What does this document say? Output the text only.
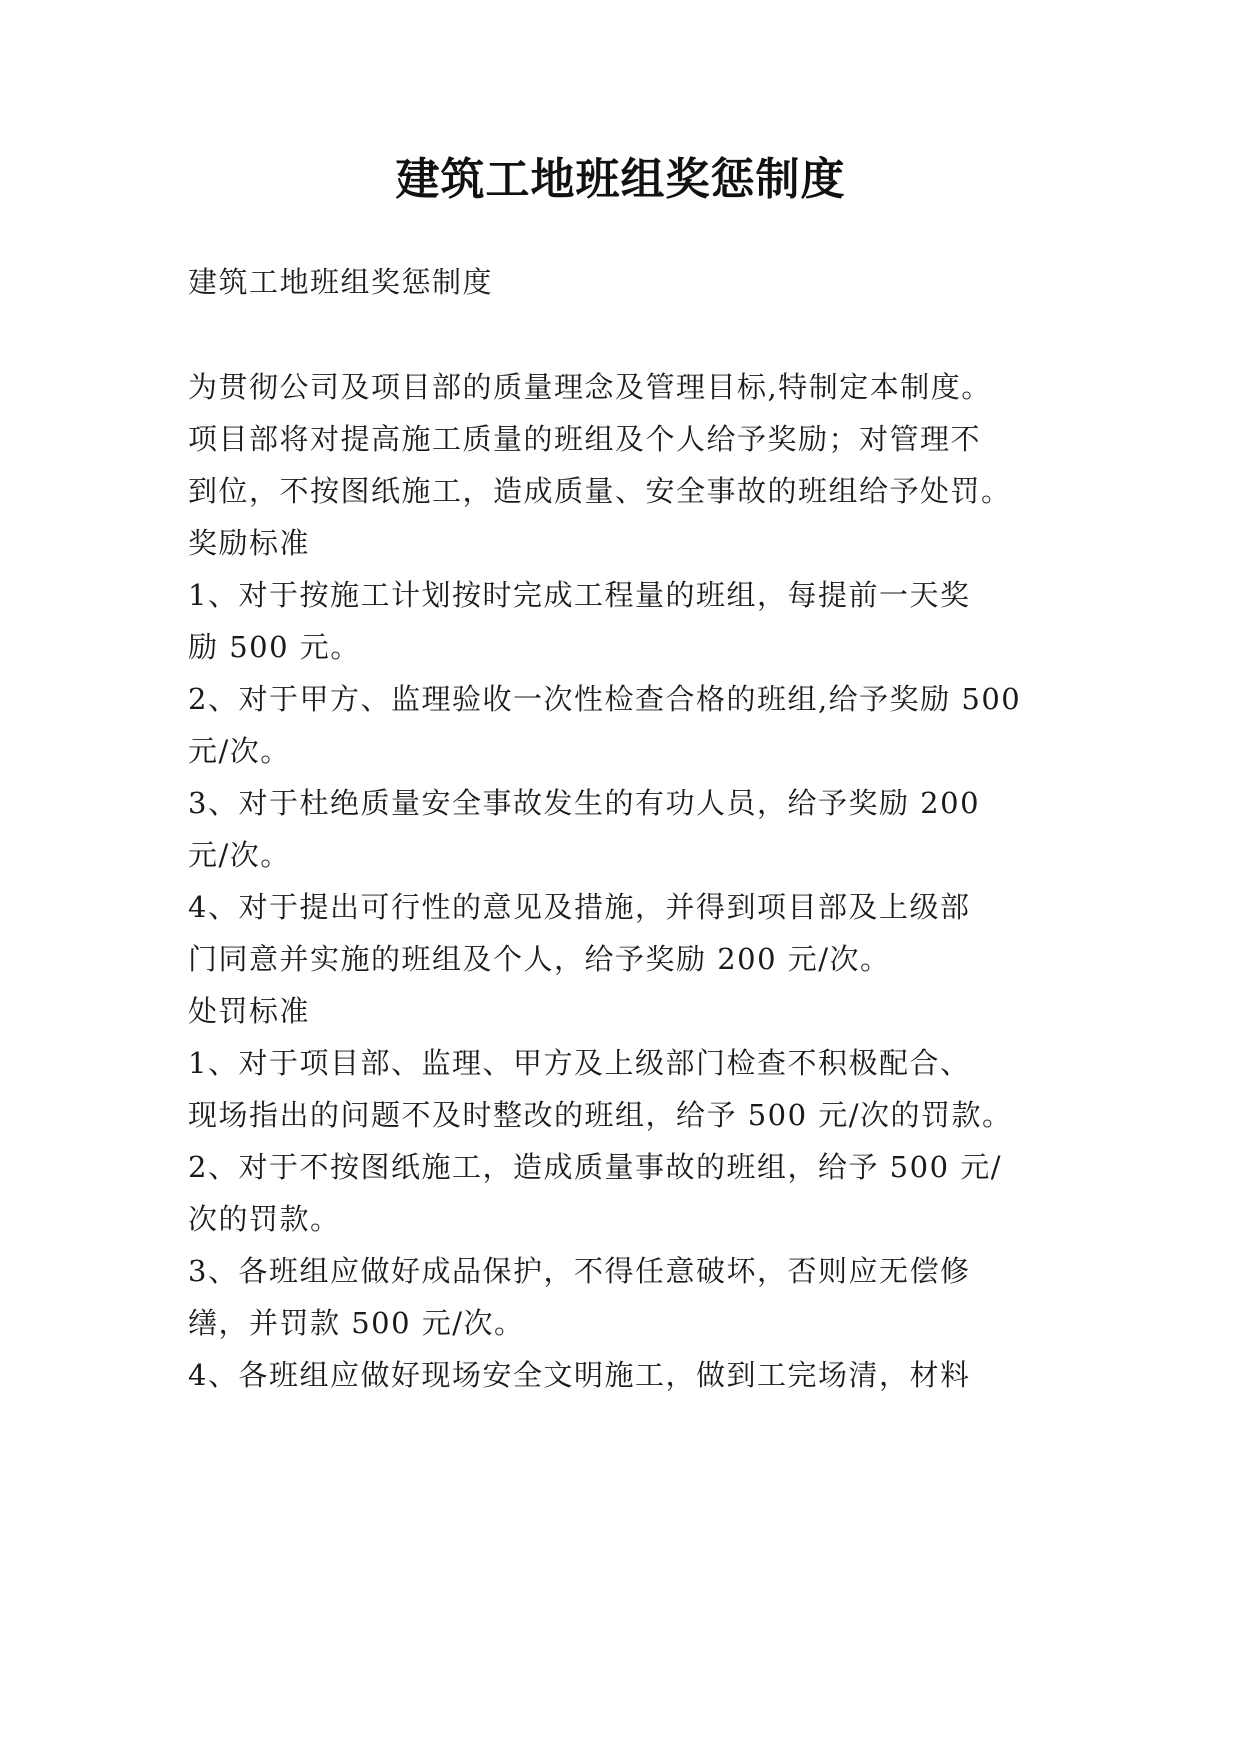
建筑工地班组奖惩制度
建筑工地班组奖惩制度
为贯彻公司及项目部的质量理念及管理目标,特制定本制度。
项目部将对提高施工质量的班组及个人给予奖励；对管理不
到位，不按图纸施工，造成质量、安全事故的班组给予处罚。
奖励标准
1、对于按施工计划按时完成工程量的班组，每提前一天奖
励 500 元。
2、对于甲方、监理验收一次性检查合格的班组,给予奖励 500
元/次。
3、对于杜绝质量安全事故发生的有功人员，给予奖励 200
元/次。
4、对于提出可行性的意见及措施，并得到项目部及上级部
门同意并实施的班组及个人，给予奖励 200 元/次。
处罚标准
1、对于项目部、监理、甲方及上级部门检查不积极配合、
现场指出的问题不及时整改的班组，给予 500 元/次的罚款。
2、对于不按图纸施工，造成质量事故的班组，给予 500 元/
次的罚款。
3、各班组应做好成品保护，不得任意破坏，否则应无偿修
缮，并罚款 500 元/次。
4、各班组应做好现场安全文明施工，做到工完场清，材料
